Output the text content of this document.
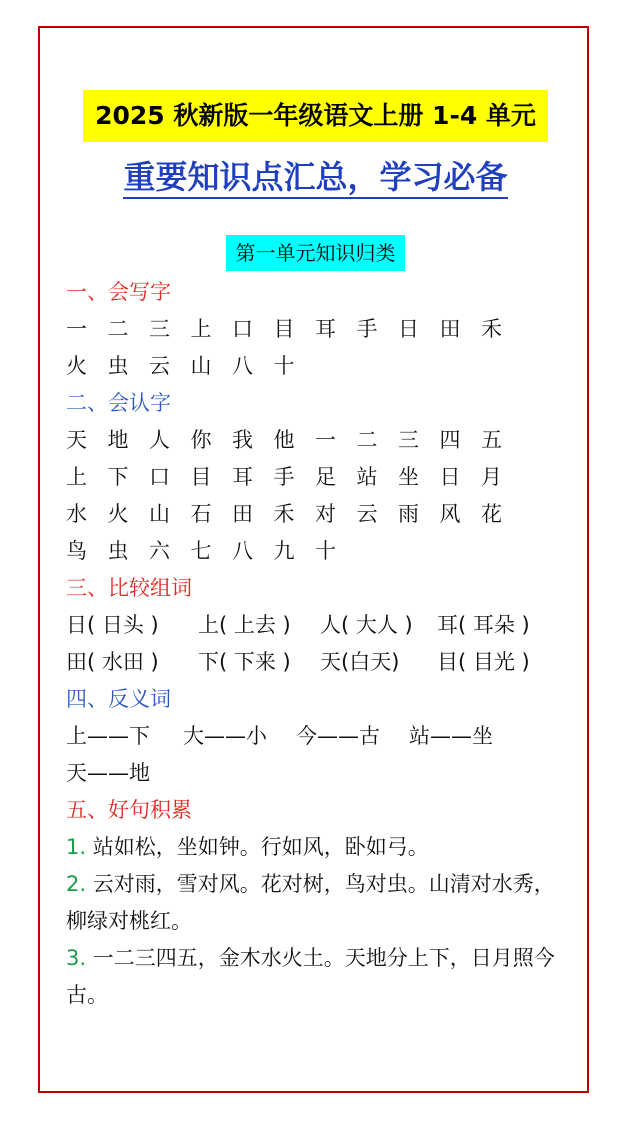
2025 秋新版一年级语文上册 1-4 单元
重要知识点汇总，学习必备
第一单元知识归类
一、会写字
一 二 三 上 口 目 耳 手 日 田 禾
火 虫 云 山 八 十
二、会认字
天 地 人 你 我 他 一 二 三 四 五
上 下 口 目 耳 手 足 站 坐 日 月
水 火 山 石 田 禾 对 云 雨 风 花
鸟 虫 六 七 八 九 十
三、比较组词
日( 日头 )	上( 上去 )	人( 大人 )	耳( 耳朵 )
田( 水田 )	下( 下来 )	天(白天)	目( 目光 )
四、反义词
上——下	大——小	今——古	站——坐
天——地
五、好句积累
1. 站如松，坐如钟。行如风，卧如弓。
2. 云对雨，雪对风。花对树，鸟对虫。山清对水秀，柳绿对桃红。
3. 一二三四五，金木水火土。天地分上下，日月照今古。
